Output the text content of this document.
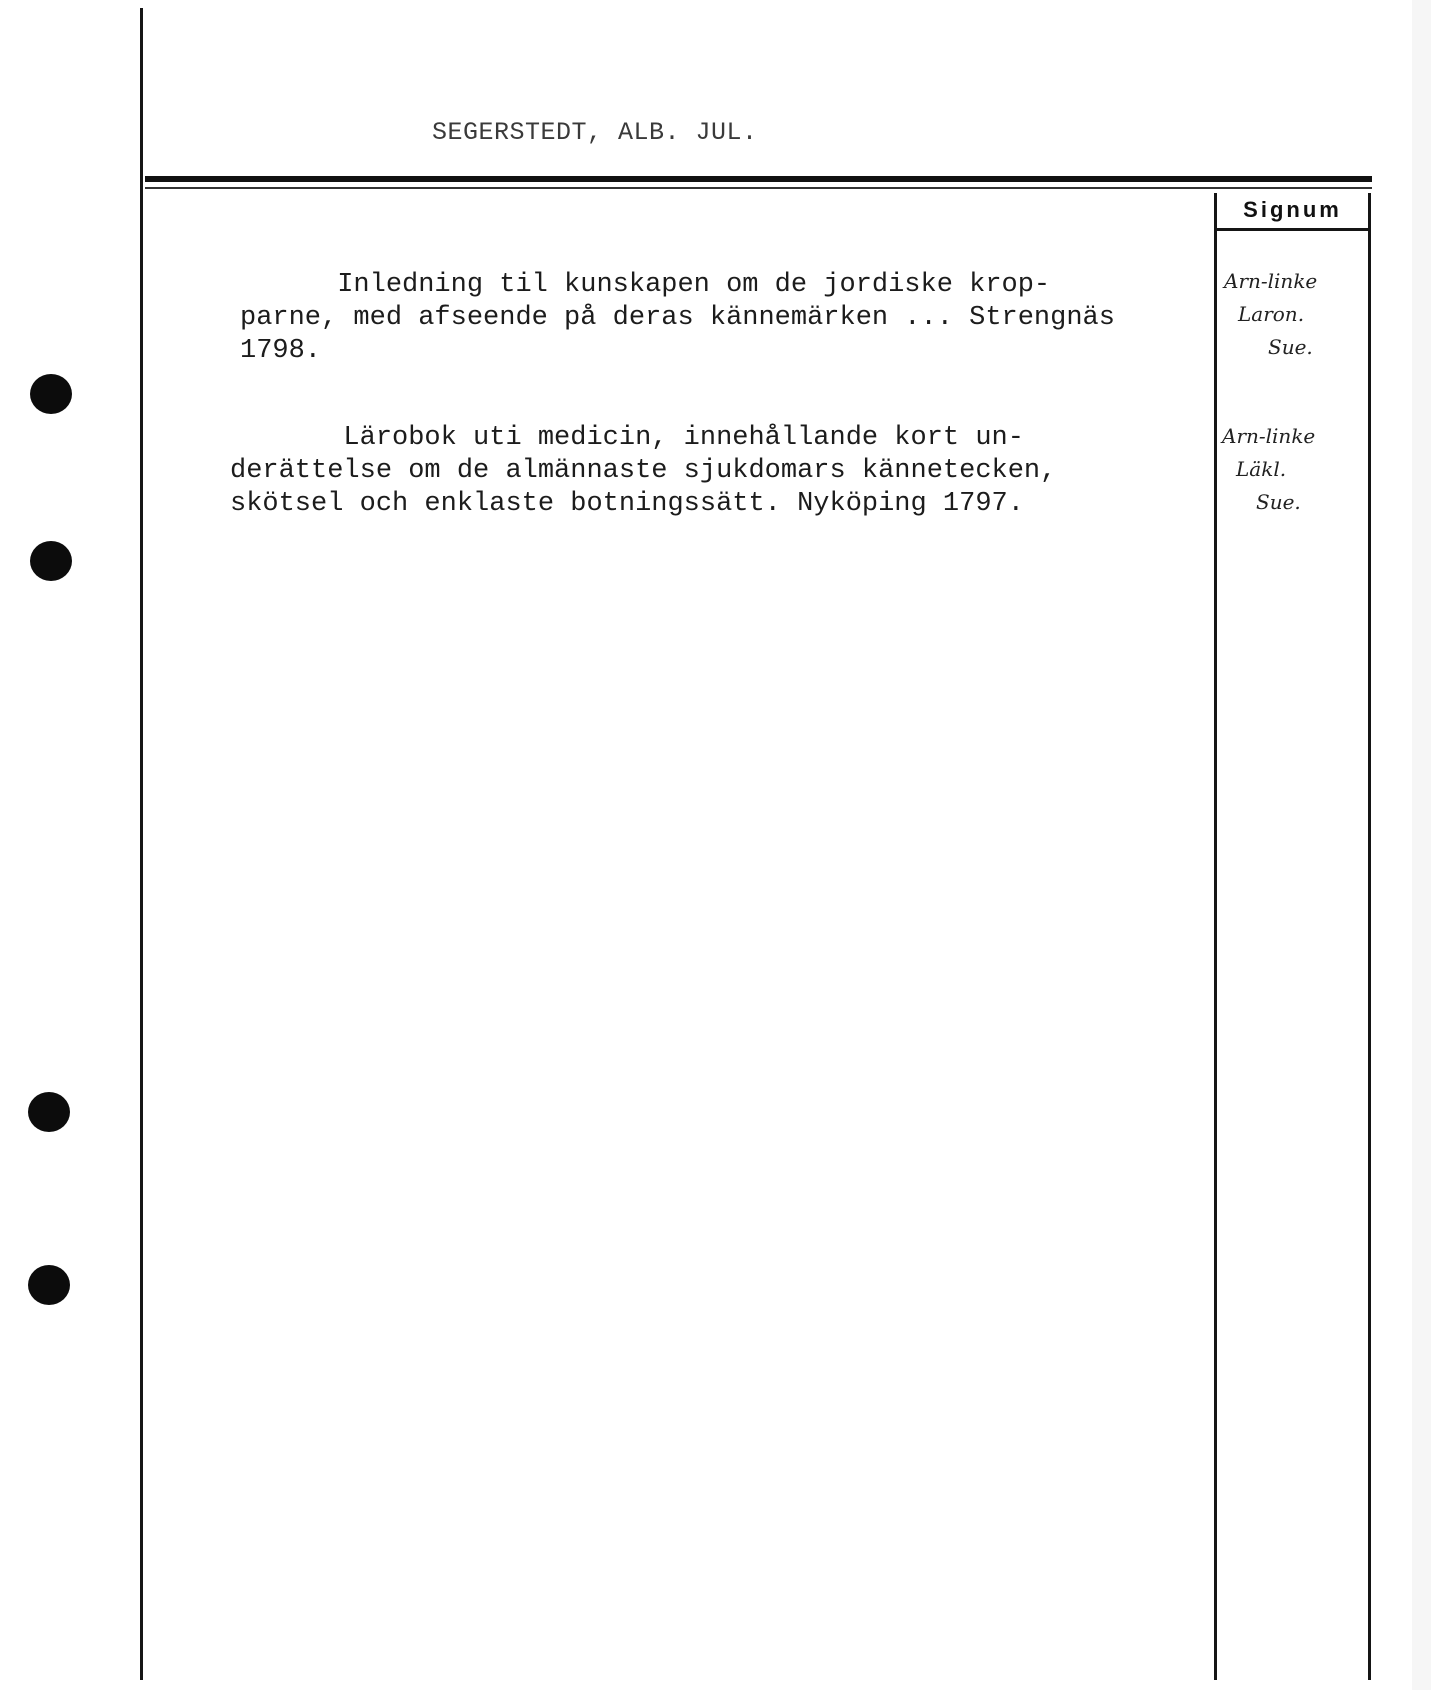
SEGERSTEDT, ALB. JUL.
Signum
Inledning til kunskapen om de jordiske krop-
parne, med afseende på deras kännemärken ... Strengnäs
1798.
Arn-linke
Laron.
Sue.
Lärobok uti medicin, innehållande kort un-
derättelse om de almännaste sjukdomars kännetecken,
skötsel och enklaste botningssätt. Nyköping 1797.
Arn-linke
Läkl.
Sue.
